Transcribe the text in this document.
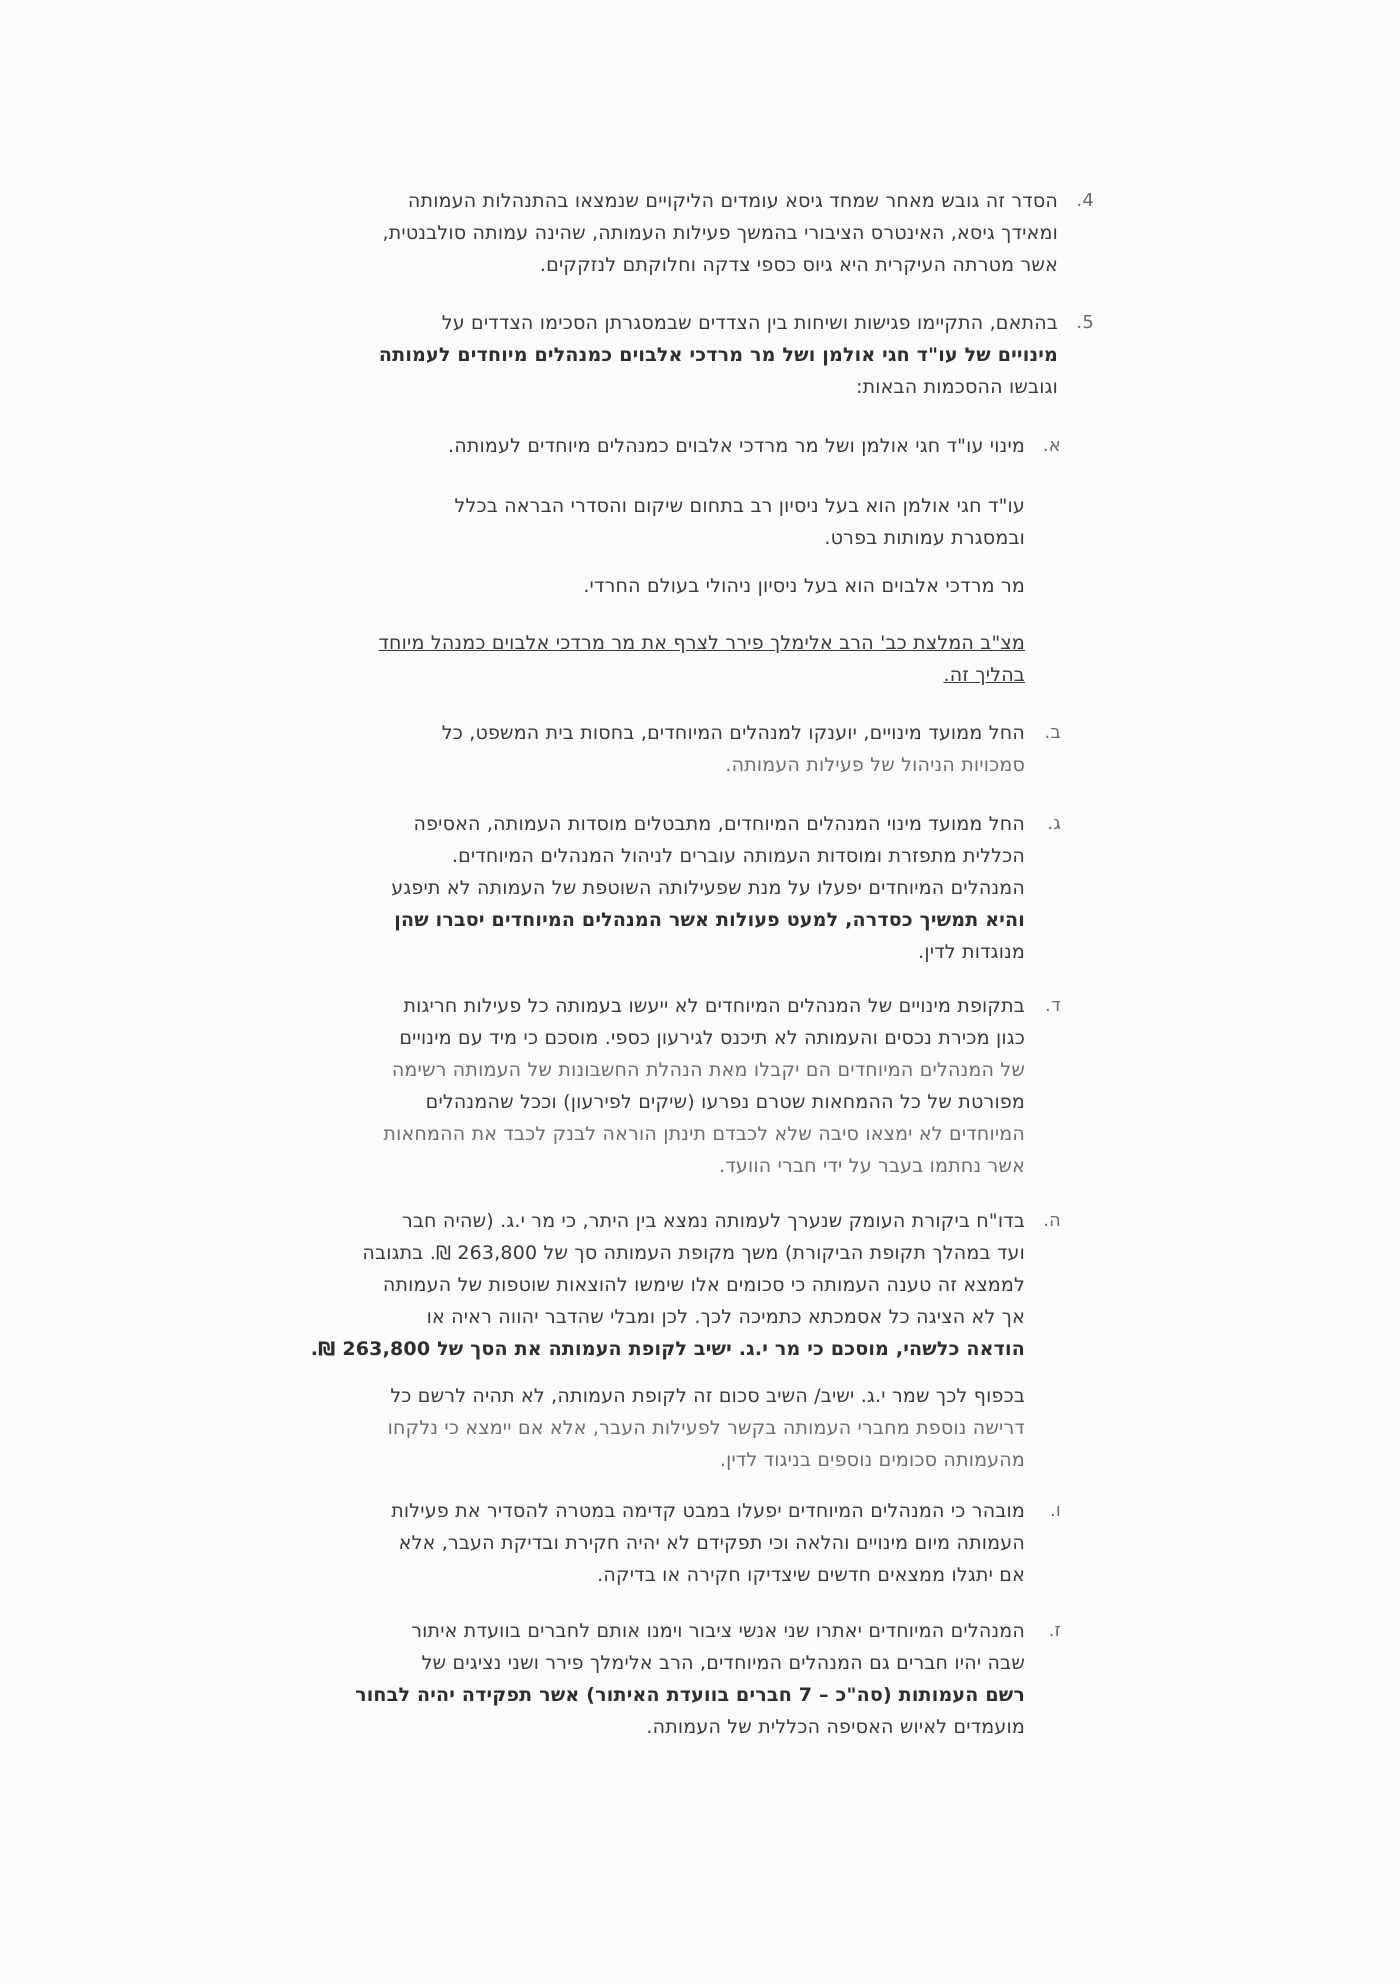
4.

הסדר זה גובש מאחר שמחד גיסא עומדים הליקויים שנמצאו בהתנהלות העמותה

ומאידך גיסא, האינטרס הציבורי בהמשך פעילות העמותה, שהינה עמותה סולבנטית,

אשר מטרתה העיקרית היא גיוס כספי צדקה וחלוקתם לנזקקים.

5.

בהתאם, התקיימו פגישות ושיחות בין הצדדים שבמסגרתן הסכימו הצדדים על

מינויים של עו"ד חגי אולמן ושל מר מרדכי אלבוים כמנהלים מיוחדים לעמותה

וגובשו ההסכמות הבאות:

א.

מינוי עו"ד חגי אולמן ושל מר מרדכי אלבוים כמנהלים מיוחדים לעמותה.

עו"ד חגי אולמן הוא בעל ניסיון רב בתחום שיקום והסדרי הבראה בכלל

ובמסגרת עמותות בפרט.

מר מרדכי אלבוים הוא בעל ניסיון ניהולי בעולם החרדי.

מצ"ב המלצת כב' הרב אלימלך פירר לצרף את מר מרדכי אלבוים כמנהל מיוחד

בהליך זה.

ב.

החל ממועד מינויים, יוענקו למנהלים המיוחדים, בחסות בית המשפט, כל

סמכויות הניהול של פעילות העמותה.

ג.

החל ממועד מינוי המנהלים המיוחדים, מתבטלים מוסדות העמותה, האסיפה

הכללית מתפזרת ומוסדות העמותה עוברים לניהול המנהלים המיוחדים.

המנהלים המיוחדים יפעלו על מנת שפעילותה השוטפת של העמותה לא תיפגע

והיא תמשיך כסדרה, למעט פעולות אשר המנהלים המיוחדים יסברו שהן

מנוגדות לדין.

ד.

בתקופת מינויים של המנהלים המיוחדים לא ייעשו בעמותה כל פעילות חריגות

כגון מכירת נכסים והעמותה לא תיכנס לגירעון כספי. מוסכם כי מיד עם מינויים

של המנהלים המיוחדים הם יקבלו מאת הנהלת החשבונות של העמותה רשימה

מפורטת של כל ההמחאות שטרם נפרעו (שיקים לפירעון) וככל שהמנהלים

המיוחדים לא ימצאו סיבה שלא לכבדם תינתן הוראה לבנק לכבד את ההמחאות

אשר נחתמו בעבר על ידי חברי הוועד.

ה.

בדו"ח ביקורת העומק שנערך לעמותה נמצא בין היתר, כי מר י.ג. (שהיה חבר

ועד במהלך תקופת הביקורת) משך מקופת העמותה סך של 263,800 ₪. בתגובה

לממצא זה טענה העמותה כי סכומים אלו שימשו להוצאות שוטפות של העמותה

אך לא הציגה כל אסמכתא כתמיכה לכך. לכן ומבלי שהדבר יהווה ראיה או

הודאה כלשהי, מוסכם כי מר י.ג. ישיב לקופת העמותה את הסך של 263,800 ₪.

בכפוף לכך שמר י.ג. ישיב/ השיב סכום זה לקופת העמותה, לא תהיה לרשם כל

דרישה נוספת מחברי העמותה בקשר לפעילות העבר, אלא אם יימצא כי נלקחו

מהעמותה סכומים נוספים בניגוד לדין.

ו.

מובהר כי המנהלים המיוחדים יפעלו במבט קדימה במטרה להסדיר את פעילות

העמותה מיום מינויים והלאה וכי תפקידם לא יהיה חקירת ובדיקת העבר, אלא

אם יתגלו ממצאים חדשים שיצדיקו חקירה או בדיקה.

ז.

המנהלים המיוחדים יאתרו שני אנשי ציבור וימנו אותם לחברים בוועדת איתור

שבה יהיו חברים גם המנהלים המיוחדים, הרב אלימלך פירר ושני נציגים של

רשם העמותות (סה"כ – 7 חברים בוועדת האיתור) אשר תפקידה יהיה לבחור

מועמדים לאיוש האסיפה הכללית של העמותה.
